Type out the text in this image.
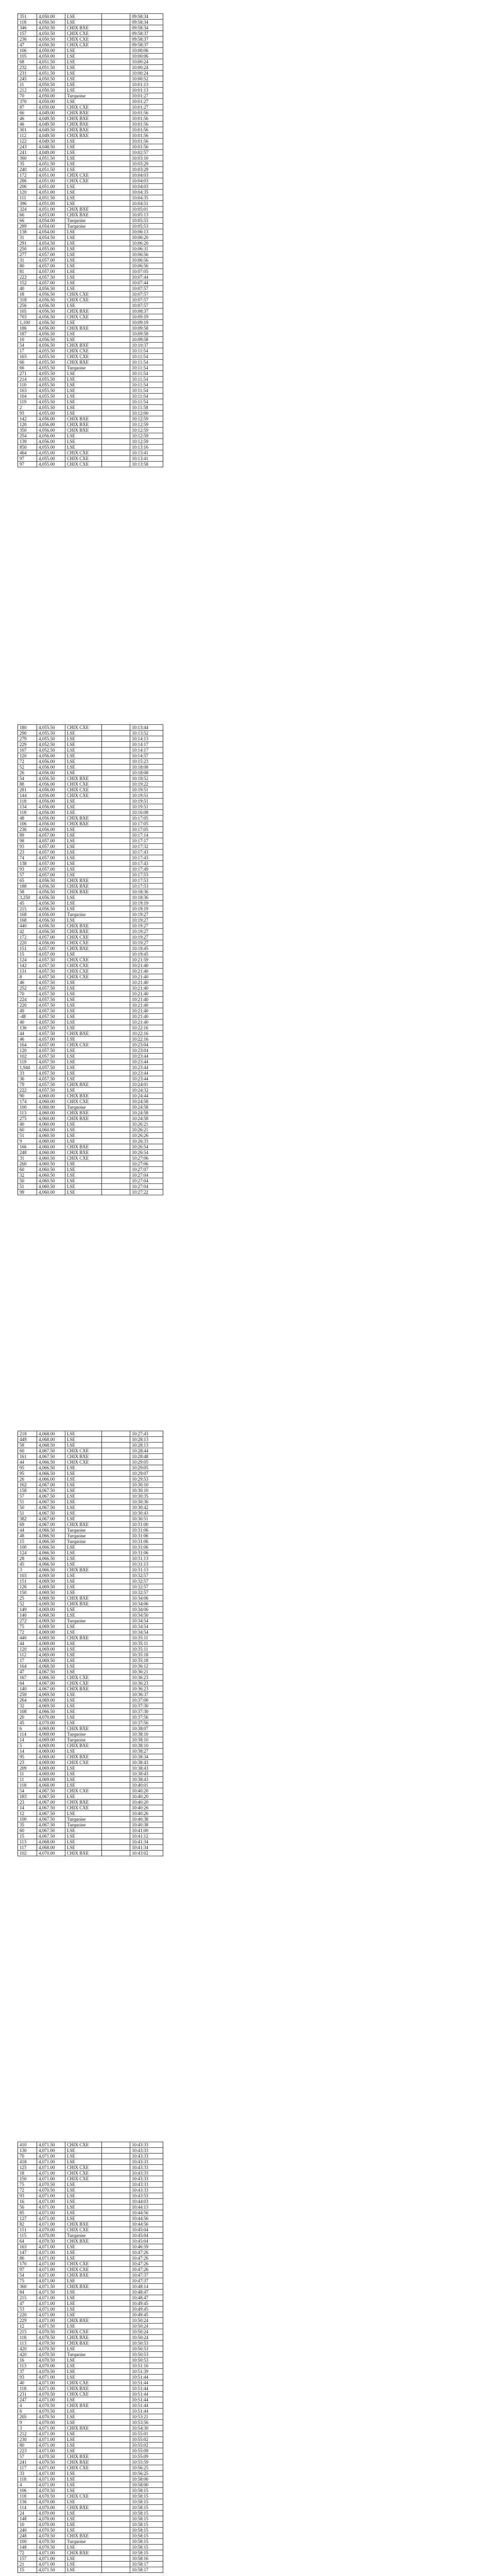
351	4,050.00	LSE		09:58:34
118	4,050.50	LSE		09:58:34
346	4,050.50	CHIX BXE		09:58:34
157	4,050.50	CHIX CXE		09:58:37
236	4,050.50	CHIX CXE		09:58:37
47	4,050.50	CHIX CXE		09:58:37
106	4,050.00	LSE		10:00:06
105	4,050.00	LSE		10:00:06
68	4,051.50	LSE		10:00:24
232	4,051.50	LSE		10:00:24
231	4,051.50	LSE		10:00:24
245	4,050.50	LSE		10:00:52
11	4,050.50	LSE		10:01:13
212	4,050.50	LSE		10:01:13
70	4,050.00	Turquoise		10:01:27
370	4,050.00	LSE		10:01:27
87	4,050.00	CHIX CXE		10:01:27
66	4,049.00	CHIX BXE		10:01:56
46	4,049.50	CHIX BXE		10:01:56
46	4,049.50	CHIX BXE		10:01:56
301	4,049.50	CHIX BXE		10:01:56
112	4,049.50	CHIX BXE		10:01:56
122	4,049.50	LSE		10:01:56
243	4,048.50	LSE		10:01:56
241	4,049.00	LSE		10:02:57
360	4,051.50	LSE		10:03:10
35	4,051.50	LSE		10:03:29
240	4,051.50	LSE		10:03:29
172	4,051.00	CHIX CXE		10:04:03
286	4,051.00	CHIX CXE		10:04:03
206	4,051.00	LSE		10:04:03
120	4,051.00	LSE		10:04:35
111	4,051.50	LSE		10:04:35
396	4,051.00	LSE		10:04:51
324	4,051.00	CHIX BXE		10:05:01
66	4,053.00	CHIX BXE		10:05:13
66	4,054.00	Turquoise		10:05:53
289	4,054.00	Turquoise		10:05:53
138	4,054.00	LSE		10:06:13
31	4,054.50	LSE		10:06:20
291	4,054.50	LSE		10:06:20
250	4,055.00	LSE		10:06:31
277	4,057.00	LSE		10:06:56
31	4,057.00	LSE		10:06:56
80	4,057.00	LSE		10:06:56
81	4,057.00	LSE		10:07:05
222	4,057.50	LSE		10:07:44
152	4,057.00	LSE		10:07:44
40	4,056.50	LSE		10:07:57
18	4,056.50	CHIX CXE		10:07:57
318	4,056.50	CHIX CXE		10:07:57
256	4,056.50	LSE		10:07:57
105	4,056.50	CHIX BXE		10:08:37
703	4,056.50	CHIX CXE		10:09:19
1,100	4,056.50	LSE		10:09:19
186	4,056.00	CHIX BXE		10:09:58
187	4,056.50	LSE		10:09:58
10	4,056.50	LSE		10:09:58
54	4,056.50	CHIX BXE		10:10:37
17	4,055.50	CHIX CXE		10:11:54
103	4,055.50	CHIX CXE		10:11:54
66	4,055.50	CHIX BXE		10:11:54
66	4,055.50	Turquoise		10:11:54
271	4,055.50	LSE		10:11:54
214	4,055.50	LSE		10:11:54
110	4,055.50	LSE		10:11:54
163	4,055.50	LSE		10:11:54
104	4,055.50	LSE		10:11:54
119	4,055.50	LSE		10:11:54
2	4,055.50	LSE		10:11:58
93	4,055.00	LSE		10:12:00
142	4,056.00	CHIX BXE		10:12:59
120	4,056.00	CHIX BXE		10:12:59
350	4,056.00	CHIX BXE		10:12:59
254	4,056.00	LSE		10:12:59
139	4,056.00	LSE		10:12:59
850	4,055.00	LSE		10:13:16
464	4,055.00	CHIX CXE		10:13:41
97	4,055.00	CHIX CXE		10:13:41
97	4,055.00	CHIX CXE		10:13:58
180	4,055.50	CHIX CXE		10:13:44
290	4,055.50	LSE		10:13:52
279	4,055.50	LSE		10:14:13
229	4,052.50	LSE		10:14:17
107	4,052.50	LSE		10:14:17
120	4,056.00	LSE		10:14:57
72	4,056.00	LSE		10:15:23
52	4,056.00	LSE		10:18:08
26	4,056.00	LSE		10:18:08
54	4,056.50	CHIX BXE		10:18:52
88	4,056.00	CHIX CXE		10:19:22
281	4,056.00	CHIX CXE		10:19:51
144	4,056.00	CHIX CXE		10:19:51
118	4,056.00	LSE		10:19:51
134	4,056.00	LSE		10:19:51
118	4,056.00	LSE		10:16:08
48	4,056.00	CHIX BXE		10:17:05
106	4,056.00	CHIX BXE		10:17:05
236	4,056.00	LSE		10:17:05
89	4,057.00	LSE		10:17:14
98	4,057.00	LSE		10:17:17
93	4,057.00	LSE		10:17:32
23	4,057.00	LSE		10:17:43
74	4,057.00	LSE		10:17:43
138	4,057.00	LSE		10:17:43
93	4,057.00	LSE		10:17:49
57	4,057.00	LSE		10:17:53
65	4,056.50	CHIX BXE		10:17:53
188	4,056.50	CHIX BXE		10:17:53
58	4,056.50	CHIX BXE		10:18:36
3,250	4,056.50	LSE		10:18:36
45	4,056.50	LSE		10:19:19
215	4,056.50	LSE		10:19:19
168	4,056.00	Turquoise		10:19:27
168	4,056.50	LSE		10:19:27
440	4,056.50	CHIX BXE		10:19:27
42	4,056.50	CHIX BXE		10:19:27
172	4,057.00	CHIX CXE		10:19:27
220	4,056.00	CHIX CXE		10:19:27
151	4,057.00	CHIX BXE		10:19:45
15	4,057.00	LSE		10:19:45
124	4,057.50	CHIX CXE		10:21:59
142	4,057.50	CHIX CXE		10:21:40
131	4,057.50	CHIX CXE		10:21:40
8	4,057.50	CHIX CXE		10:21:40
46	4,057.50	LSE		10:21:40
252	4,057.50	LSE		10:21:40
70	4,057.50	LSE		10:21:40
224	4,057.50	LSE		10:21:40
220	4,057.50	LSE		10:21:40
49	4,057.50	LSE		10:21:40
-48	4,057.50	LSE		10:21:40
40	4,057.50	LSE		10:21:40
136	4,057.50	LSE		10:22:16
44	4,057.50	CHIX BXE		10:22:16
46	4,057.00	LSE		10:22:16
164	4,057.00	CHIX CXE		10:23:04
120	4,057.50	LSE		10:23:04
102	4,057.50	LSE		10:23:44
119	4,057.50	LSE		10:23:44
1,944	4,057.50	LSE		10:23:44
33	4,057.50	LSE		10:23:44
36	4,057.50	LSE		10:23:44
79	4,057.50	CHIX BXE		10:24:01
222	4,057.50	LSE		10:24:32
90	4,060.00	CHIX BXE		10:24:44
174	4,060.00	CHIX CXE		10:24:58
100	4,060.00	Turquoise		10:24:58
113	4,060.00	CHIX BXE		10:24:58
275	4,060.00	CHIX BXE		10:24:58
40	4,060.00	LSE		10:26:21
60	4,060.00	LSE		10:26:21
51	4,060.50	LSE		10:26:26
9	4,060.00	LSE		10:26:33
166	4,060.00	CHIX BXE		10:26:54
248	4,060.00	CHIX BXE		10:26:54
31	4,060.50	CHIX CXE		10:27:06
260	4,060.50	LSE		10:27:06
60	4,060.50	LSE		10:27:07
32	4,060.50	LSE		10:27:04
50	4,060.50	LSE		10:27:04
51	4,060.50	LSE		10:27:04
99	4,060.00	LSE		10:27:22
218	4,068.00	LSE		10:27:43
449	4,068.00	LSE		10:28:13
58	4,068.50	LSE		10:28:13
60	4,067.50	CHIX CXE		10:28:44
161	4,067.50	CHIX BXE		10:28:48
44	4,066.50	CHIX CXE		10:29:05
95	4,066.50	LSE		10:29:05
95	4,066.50	LSE		10:29:07
26	4,066.00	LSE		10:29:53
162	4,067.00	LSE		10:30:10
158	4,067.50	LSE		10:30:10
57	4,067.50	LSE		10:30:35
51	4,067.50	LSE		10:30:36
50	4,067.50	LSE		10:30:42
51	4,067.50	LSE		10:30:43
382	4,067.00	LSE		10:30:51
69	4,067.00	CHIX BXE		10:31:00
44	4,066.50	Turquoise		10:31:06
48	4,066.50	Turquoise		10:31:06
15	4,066.50	Turquoise		10:31:06
100	4,066.50	LSE		10:31:06
124	4,066.50	LSE		10:31:06
28	4,066.50	LSE		10:31:13
45	4,066.50	LSE		10:31:13
3	4,066.50	CHIX BXE		10:31:13
103	4,069.50	LSE		10:32:57
151	4,069.50	LSE		10:32:57
126	4,069.50	LSE		10:32:57
150	4,069.50	LSE		10:32:57
25	4,069.50	CHIX BXE		10:34:06
52	4,069.50	CHIX BXE		10:34:06
149	4,069.00	LSE		10:34:06
140	4,068.50	LSE		10:34:50
272	4,069.50	Turquoise		10:34:54
75	4,069.50	LSE		10:34:54
72	4,069.00	LSE		10:34:54
440	4,069.50	CHIX BXE		10:35:11
44	4,069.00	LSE		10:35:11
120	4,069.00	LSE		10:35:11
112	4,069.00	LSE		10:35:18
17	4,069.50	LSE		10:35:18
164	4,068.50	LSE		10:36:12
47	4,067.50	LSE		10:36:21
167	4,066.50	CHIX CXE		10:36:23
64	4,067.00	CHIX CXE		10:36:23
140	4,067.00	CHIX BXE		10:36:23
259	4,069.50	LSE		10:36:37
264	4,069.00	LSE		10:37:00
32	4,069.50	LSE		10:37:30
108	4,066.50	LSE		10:37:30
20	4,070.00	LSE		10:37:56
45	4,070.00	LSE		10:37:56
6	4,069.00	CHIX BXE		10:38:07
114	4,069.00	Turquoise		10:38:10
14	4,069.00	Turquoise		10:38:10
5	4,069.00	CHIX BXE		10:38:10
14	4,069.00	LSE		10:38:27
95	4,069.00	CHIX BXE		10:38:34
23	4,069.00	CHIX CXE		10:38:43
209	4,069.00	LSE		10:38:43
11	4,069.00	LSE		10:38:43
11	4,069.00	LSE		10:38:43
118	4,068.00	LSE		10:40:01
54	4,067.50	CHIX CXE		10:40:20
183	4,067.50	LSE		10:40:20
23	4,067.00	CHIX BXE		10:40:20
14	4,067.50	CHIX CXE		10:40:26
12	4,067.50	LSE		10:40:26
100	4,067.50	Turquoise		10:40:38
35	4,067.50	Turquoise		10:40:38
60	4,067.50	LSE		10:41:00
15	4,067.50	LSE		10:41:12
113	4,068.00	LSE		10:41:34
117	4,068.00	LSE		10:41:34
102	4,070.00	CHIX BXE		10:43:02
410	4,071.50	CHIX CXE		10:43:33
130	4,071.00	LSE		10:43:33
70	4,071.00	LSE		10:43:33
418	4,071.00	LSE		10:43:33
125	4,071.00	CHIX CXE		10:43:33
18	4,071.00	CHIX CXE		10:43:33
150	4,071.00	CHIX CXE		10:43:33
75	4,070.50	LSE		10:43:33
72	4,070.50	LSE		10:43:33
93	4,071.00	LSE		10:43:53
16	4,071.00	LSE		10:44:03
56	4,071.00	LSE		10:44:13
85	4,071.00	LSE		10:44:56
127	4,071.00	LSE		10:44:56
82	4,071.00	CHIX BXE		10:44:56
151	4,070.00	CHIX CXE		10:45:04
115	4,070.00	Turquoise		10:45:04
64	4,070.50	CHIX BXE		10:45:04
163	4,071.00	LSE		10:46:59
147	4,071.00	LSE		10:47:26
86	4,071.00	LSE		10:47:26
170	4,071.00	CHIX CXE		10:47:26
97	4,071.00	CHIX CXE		10:47:26
54	4,071.00	CHIX BXE		10:47:37
75	4,071.00	LSE		10:47:37
360	4,071.50	CHIX BXE		10:48:14
84	4,071.50	LSE		10:48:47
215	4,071.00	LSE		10:48:47
47	4,071.00	LSE		10:49:45
53	4,071.00	LSE		10:49:45
220	4,071.00	LSE		10:49:45
229	4,071.00	CHIX BXE		10:50:24
12	4,071.50	LSE		10:50:24
215	4,070.50	CHIX CXE		10:50:24
118	4,070.50	CHIX BXE		10:50:24
113	4,070.50	CHIX BXE		10:50:53
420	4,070.50	LSE		10:50:53
420	4,070.50	Turquoise		10:50:53
16	4,070.50	LSE		10:50:53
113	4,070.00	LSE		10:51:16
37	4,070.50	LSE		10:51:39
93	4,071.00	LSE		10:51:44
40	4,071.00	CHIX CXE		10:51:44
118	4,071.00	CHIX BXE		10:51:44
231	4,070.50	CHIX CXE		10:51:44
247	4,071.00	LSE		10:51:44
4	4,070.50	CHIX BXE		10:51:44
6	4,070.50	LSE		10:51:44
205	4,070.50	LSE		10:53:21
9	4,070.00	LSE		10:53:56
3	4,071.00	CHIX BXE		10:54:30
212	4,071.00	LSE		10:55:01
230	4,071.00	LSE		10:55:02
80	4,071.00	LSE		10:55:02
223	4,071.00	LSE		10:55:09
57	4,070.50	CHIX BXE		10:55:09
241	4,070.50	CHIX BXE		10:55:59
117	4,071.00	CHIX CXE		10:56:25
33	4,071.00	LSE		10:56:25
118	4,071.00	LSE		10:58:00
4	4,071.00	LSE		10:58:00
106	4,070.50	LSE		10:58:15
118	4,070.50	CHIX CXE		10:58:15
136	4,070.00	LSE		10:58:15
114	4,070.00	CHIX BXE		10:58:15
24	4,070.00	LSE		10:58:15
148	4,070.00	LSE		10:58:15
10	4,070.00	LSE		10:58:15
240	4,070.50	LSE		10:58:15
248	4,070.50	CHIX BXE		10:58:15
100	4,070.50	Turquoise		10:58:15
148	4,070.50	LSE		10:58:15
72	4,071.00	CHIX BXE		10:58:15
157	4,071.00	LSE		10:58:16
21	4,071.00	LSE		10:58:17
15	4,071.50	LSE		10:58:17
